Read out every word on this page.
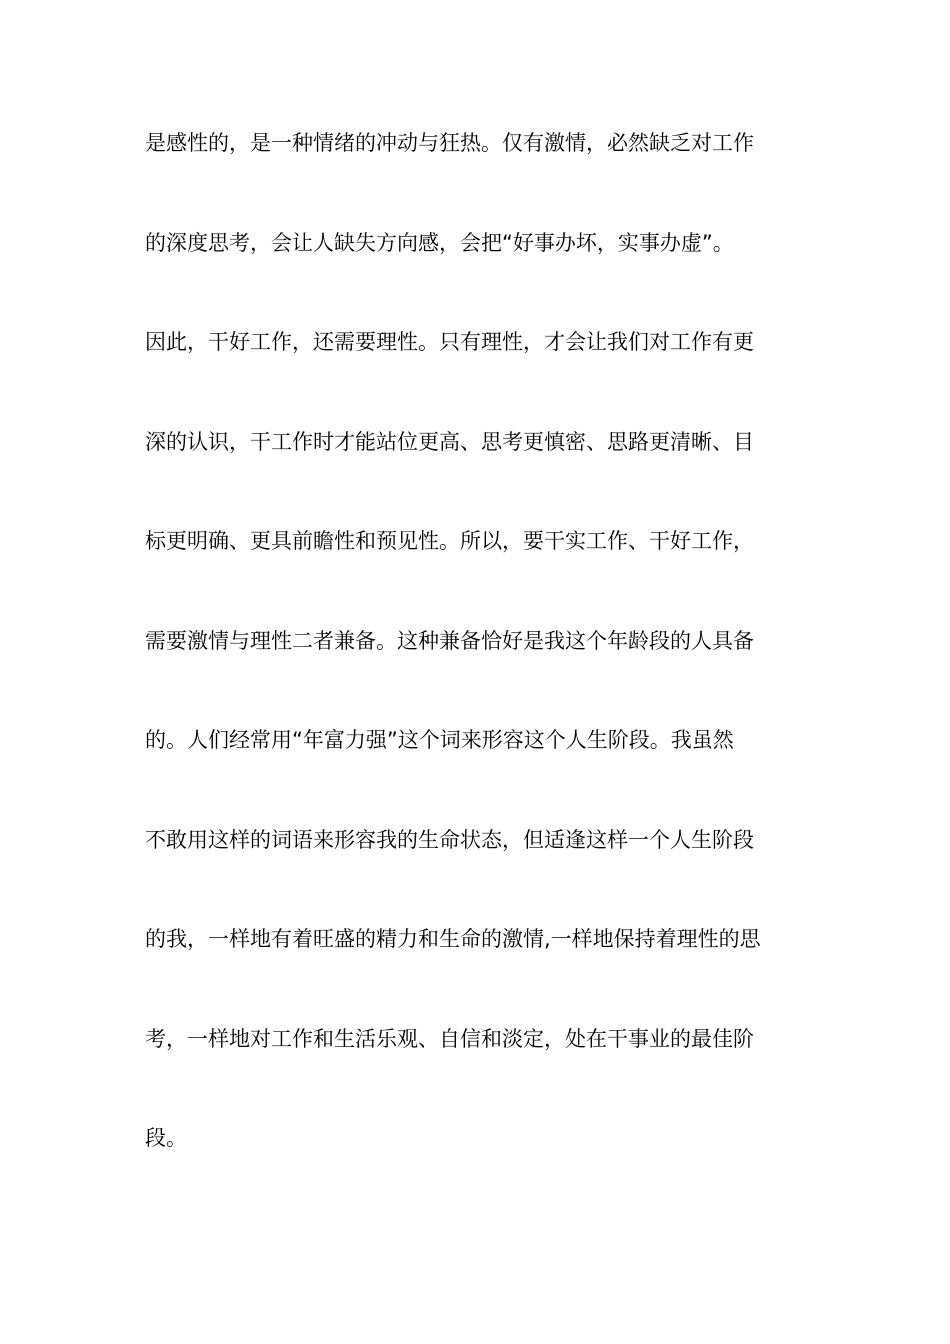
是感性的，是一种情绪的冲动与狂热。仅有激情，必然缺乏对工作
的深度思考，会让人缺失方向感，会把“好事办坏，实事办虚”。
因此，干好工作，还需要理性。只有理性，才会让我们对工作有更
深的认识，干工作时才能站位更高、思考更慎密、思路更清晰、目
标更明确、更具前瞻性和预见性。所以，要干实工作、干好工作，
需要激情与理性二者兼备。这种兼备恰好是我这个年龄段的人具备
的。人们经常用“年富力强”这个词来形容这个人生阶段。我虽然
不敢用这样的词语来形容我的生命状态，但适逢这样一个人生阶段
的我，一样地有着旺盛的精力和生命的激情,一样地保持着理性的思
考，一样地对工作和生活乐观、自信和淡定，处在干事业的最佳阶
段。
